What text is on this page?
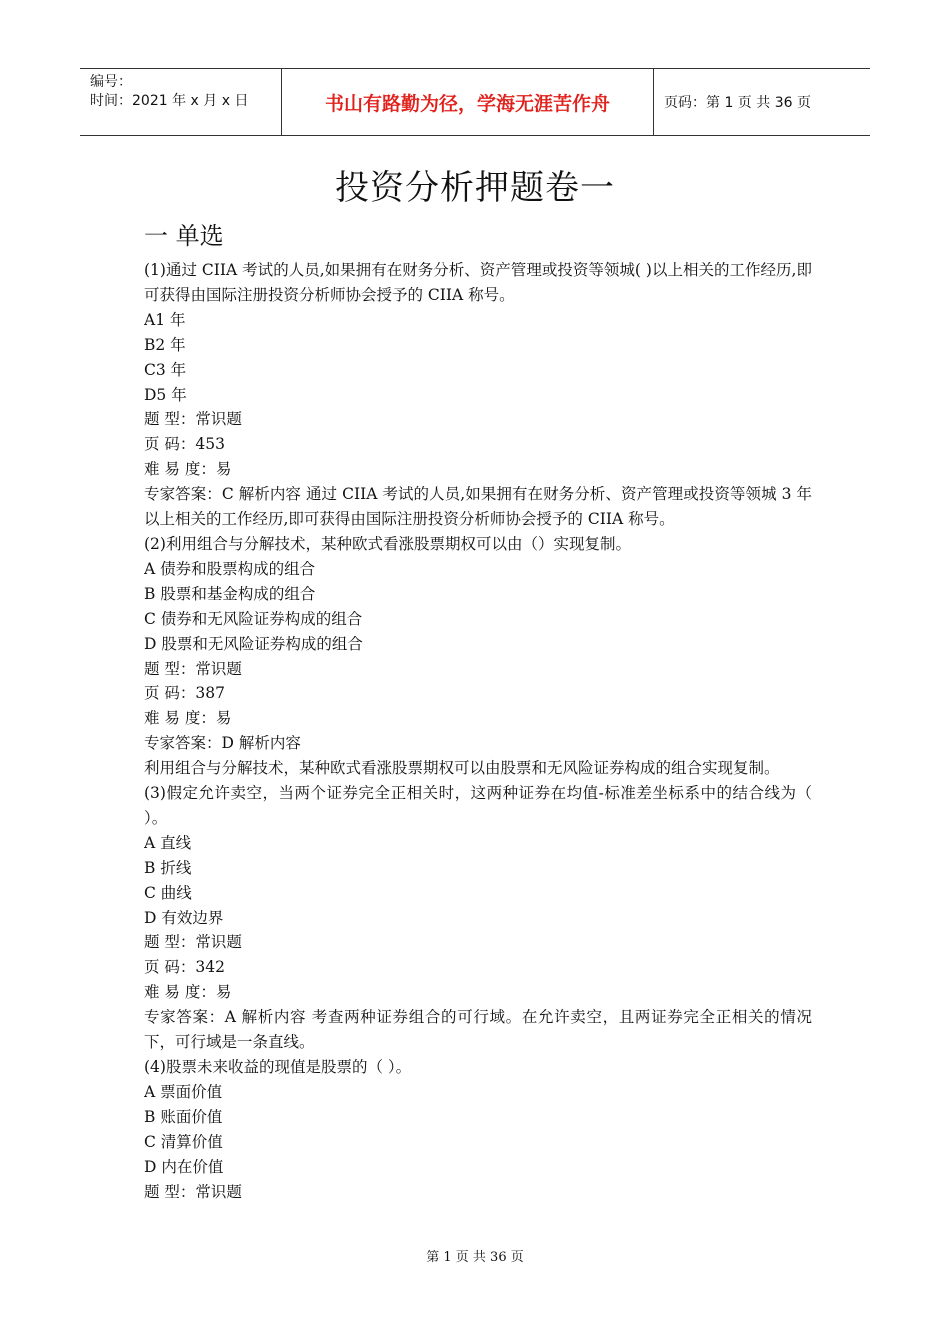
编号：
时间：2021 年 x 月 x 日	书山有路勤为径，学海无涯苦作舟	页码：第 1 页 共 36 页
投资分析押题卷一
一 单选
(1)通过 CIIA 考试的人员,如果拥有在财务分析、资产管理或投资等领城( )以上相关的工作经历,即可获得由国际注册投资分析师协会授予的 CIIA 称号。
A1 年
B2 年
C3 年
D5 年
题 型：常识题
页 码：453
难 易 度：易
专家答案：C 解析内容 通过 CIIA 考试的人员,如果拥有在财务分析、资产管理或投资等领城 3 年以上相关的工作经历,即可获得由国际注册投资分析师协会授予的 CIIA 称号。
(2)利用组合与分解技术，某种欧式看涨股票期权可以由（）实现复制。
A 债券和股票构成的组合
B 股票和基金构成的组合
C 债券和无风险证券构成的组合
D 股票和无风险证券构成的组合
题 型：常识题
页 码：387
难 易 度：易
专家答案：D 解析内容
利用组合与分解技术，某种欧式看涨股票期权可以由股票和无风险证券构成的组合实现复制。
(3)假定允许卖空，当两个证券完全正相关时，这两种证券在均值-标准差坐标系中的结合线为（ ）。
A 直线
B 折线
C 曲线
D 有效边界
题 型：常识题
页 码：342
难 易 度：易
专家答案：A 解析内容 考查两种证券组合的可行域。在允许卖空，且两证券完全正相关的情况下，可行域是一条直线。
(4)股票未来收益的现值是股票的（ ）。
A 票面价值
B 账面价值
C 清算价值
D 内在价值
题 型：常识题
第 1 页 共 36 页
